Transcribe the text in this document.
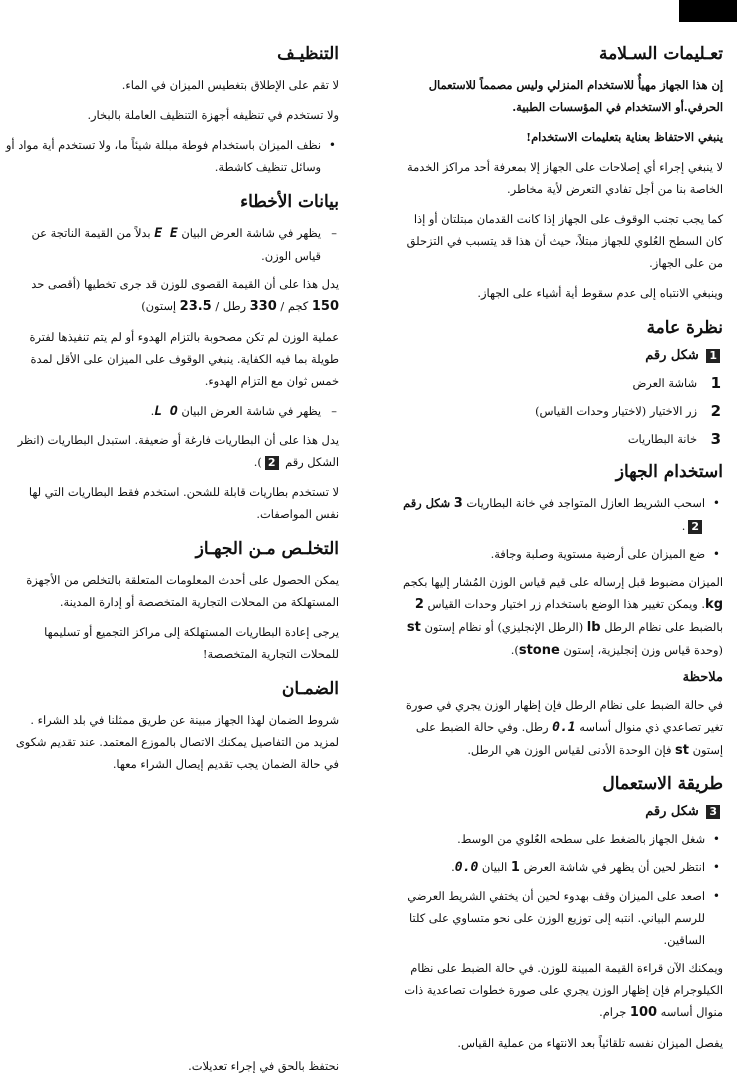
تعـليمات السـلامة

إن هذا الجهاز مهيأٌ للاستخدام المنزلي وليس مصمماً للاستعمال الحرفي.أو الاستخدام في المؤسسات الطبية.

ينبغي الاحتفاظ بعناية بتعليمات الاستخدام!

لا ينبغي إجراء أي إصلاحات على الجهاز إلا بمعرفة أحد مراكز الخدمة الخاصة بنا من أجل تفادي التعرض لأية مخاطر.

كما يجب تجنب الوقوف على الجهاز إذا كانت القدمان مبتلتان أو إذا كان السطح العُلوي للجهاز مبتلاً، حيث أن هذا قد يتسبب في التزحلق من على الجهاز.

وينبغي الانتباه إلى عدم سقوط أية أشياء على الجهاز.

نظرة عامة
1 شكل رقم
1
شاشة العرض
2
زر الاختيار (لاختيار وحدات القياس)
3
خانة البطاريات
استخدام الجهاز
• اسحب الشريط العازل المتواجد في خانة البطاريات 3 شكل رقم 2.
• ضع الميزان على أرضية مستوية وصلبة وجافة.

الميزان مضبوط قبل إرساله على قيم قياس الوزن المُشار إليها بكجم kg. ويمكن تغيير هذا الوضع باستخدام زر اختيار وحدات القياس 2 بالضبط على نظام الرطل lb (الرطل الإنجليزي) أو نظام إستون st (وحدة قياس وزن إنجليزية، إستون stone).

ملاحظة

في حالة الضبط على نظام الرطل فإن إظهار الوزن يجري في صورة تغير تصاعدي ذي منوال أساسه 0.1 رطل. وفي حالة الضبط على إستون st فإن الوحدة الأدنى لقياس الوزن هي الرطل.

طريقة الاستعمال
3 شكل رقم
• شغل الجهاز بالضغط على سطحه العُلوي من الوسط.
• انتظر لحين أن يظهر في شاشة العرض 1 البيان 0.0.
• اصعد على الميزان وقف بهدوء لحين أن يختفي الشريط العرضي للرسم البياني. انتبه إلى توزيع الوزن على نحو متساوي على كلتا الساقين.

ويمكنك الآن قراءة القيمة المبينة للوزن. في حالة الضبط على نظام الكيلوجرام فإن إظهار الوزن يجري على صورة خطوات تصاعدية ذات منوال أساسه 100 جرام.

يفصل الميزان نفسه تلقائياً بعد الانتهاء من عملية القياس.

التنظيـف

لا تقم على الإطلاق بتغطيس الميزان في الماء.

ولا تستخدم في تنظيفه أجهزة التنظيف العاملة بالبخار.

• نظف الميزان باستخدام فوطة مبللة شيئاً ما، ولا تستخدم أية مواد أو وسائل تنظيف كاشطة.
بيانات الأخطاء
– يظهر في شاشة العرض البيان E E بدلاً من القيمة الناتجة عن قياس الوزن.

يدل هذا على أن القيمة القصوى للوزن قد جرى تخطيها (أقصى حد 150 كجم / 330 رطل / 23.5 إستون)

عملية الوزن لم تكن مصحوبة بالتزام الهدوء أو لم يتم تنفيذها لفترة طويلة بما فيه الكفاية. ينبغي الوقوف على الميزان على الأقل لمدة خمس ثوان مع التزام الهدوء.

– يظهر في شاشة العرض البيان L O.

يدل هذا على أن البطاريات فارغة أو ضعيفة. استبدل البطاريات (انظر الشكل رقم 2).

لا تستخدم بطاريات قابلة للشحن. استخدم فقط البطاريات التي لها نفس المواصفات.

التخلـص مـن الجهـاز

يمكن الحصول على أحدث المعلومات المتعلقة بالتخلص من الأجهزة المستهلكة من المحلات التجارية المتخصصة أو إدارة المدينة.

يرجى إعادة البطاريات المستهلكة إلى مراكز التجميع أو تسليمها للمحلات التجارية المتخصصة!

الضمـان

شروط الضمان لهذا الجهاز مبينة عن طريق ممثلنا في بلد الشراء . لمزيد من التفاصيل يمكنك الاتصال بالموزع المعتمد. عند تقديم شكوى في حالة الضمان يجب تقديم إيصال الشراء معها.

نحتفظ بالحق في إجراء تعديلات.
